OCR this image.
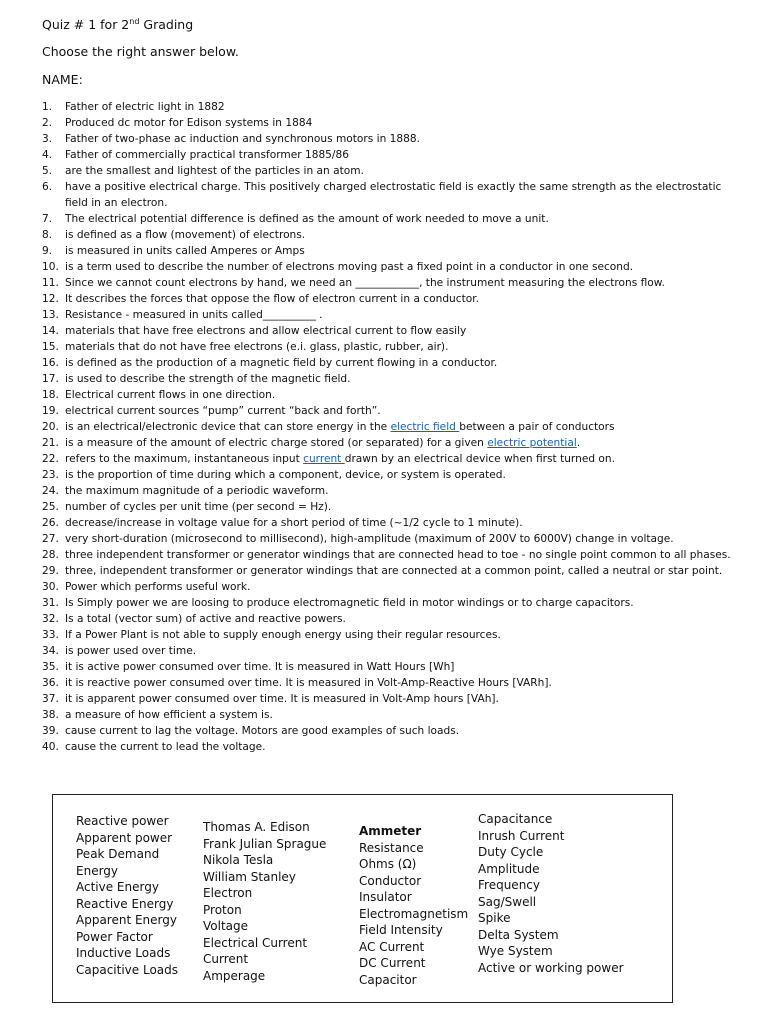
Quiz # 1 for 2nd Grading
Choose the right answer below.
NAME:
1. Father of electric light in 1882
2. Produced dc motor for Edison systems in 1884
3. Father of two-phase ac induction and synchronous motors in 1888.
4. Father of commercially practical transformer 1885/86
5. are the smallest and lightest of the particles in an atom.
6. have a positive electrical charge. This positively charged electrostatic field is exactly the same strength as the electrostatic field in an electron.
7. The electrical potential difference is defined as the amount of work needed to move a unit.
8. is defined as a flow (movement) of electrons.
9. is measured in units called Amperes or Amps
10. is a term used to describe the number of electrons moving past a fixed point in a conductor in one second.
11. Since we cannot count electrons by hand, we need an ____________, the instrument measuring the electrons flow.
12. It describes the forces that oppose the flow of electron current in a conductor.
13. Resistance - measured in units called__________ .
14. materials that have free electrons and allow electrical current to flow easily
15. materials that do not have free electrons (e.i. glass, plastic, rubber, air).
16. is defined as the production of a magnetic field by current flowing in a conductor.
17. is used to describe the strength of the magnetic field.
18. Electrical current flows in one direction.
19. electrical current sources “pump” current “back and forth”.
20. is an electrical/electronic device that can store energy in the electric field between a pair of conductors
21. is a measure of the amount of electric charge stored (or separated) for a given electric potential.
22. refers to the maximum, instantaneous input current drawn by an electrical device when first turned on.
23. is the proportion of time during which a component, device, or system is operated.
24. the maximum magnitude of a periodic waveform.
25. number of cycles per unit time (per second = Hz).
26. decrease/increase in voltage value for a short period of time (~1/2 cycle to 1 minute).
27. very short-duration (microsecond to millisecond), high-amplitude (maximum of 200V to 6000V) change in voltage.
28. three independent transformer or generator windings that are connected head to toe - no single point common to all phases.
29. three, independent transformer or generator windings that are connected at a common point, called a neutral or star point.
30. Power which performs useful work.
31. Is Simply power we are loosing to produce electromagnetic field in motor windings or to charge capacitors.
32. Is a total (vector sum) of active and reactive powers.
33. If a Power Plant is not able to supply enough energy using their regular resources.
34. is power used over time.
35. it is active power consumed over time. It is measured in Watt Hours [Wh]
36. it is reactive power consumed over time. It is measured in Volt-Amp-Reactive Hours [VARh].
37. it is apparent power consumed over time. It is measured in Volt-Amp hours [VAh].
38. a measure of how efficient a system is.
39. cause current to lag the voltage. Motors are good examples of such loads.
40. cause the current to lead the voltage.
Reactive power
Apparent power
Peak Demand
Energy
Active Energy
Reactive Energy
Apparent Energy
Power Factor
Inductive Loads
Capacitive Loads
Thomas A. Edison
Frank Julian Sprague
Nikola Tesla
William Stanley
Electron
Proton
Voltage
Electrical Current
Current
Amperage
Ammeter
Resistance
Ohms (Ω)
Conductor
Insulator
Electromagnetism
Field Intensity
AC Current
DC Current
Capacitor
Capacitance
Inrush Current
Duty Cycle
Amplitude
Frequency
Sag/Swell
Spike
Delta System
Wye System
Active or working power
